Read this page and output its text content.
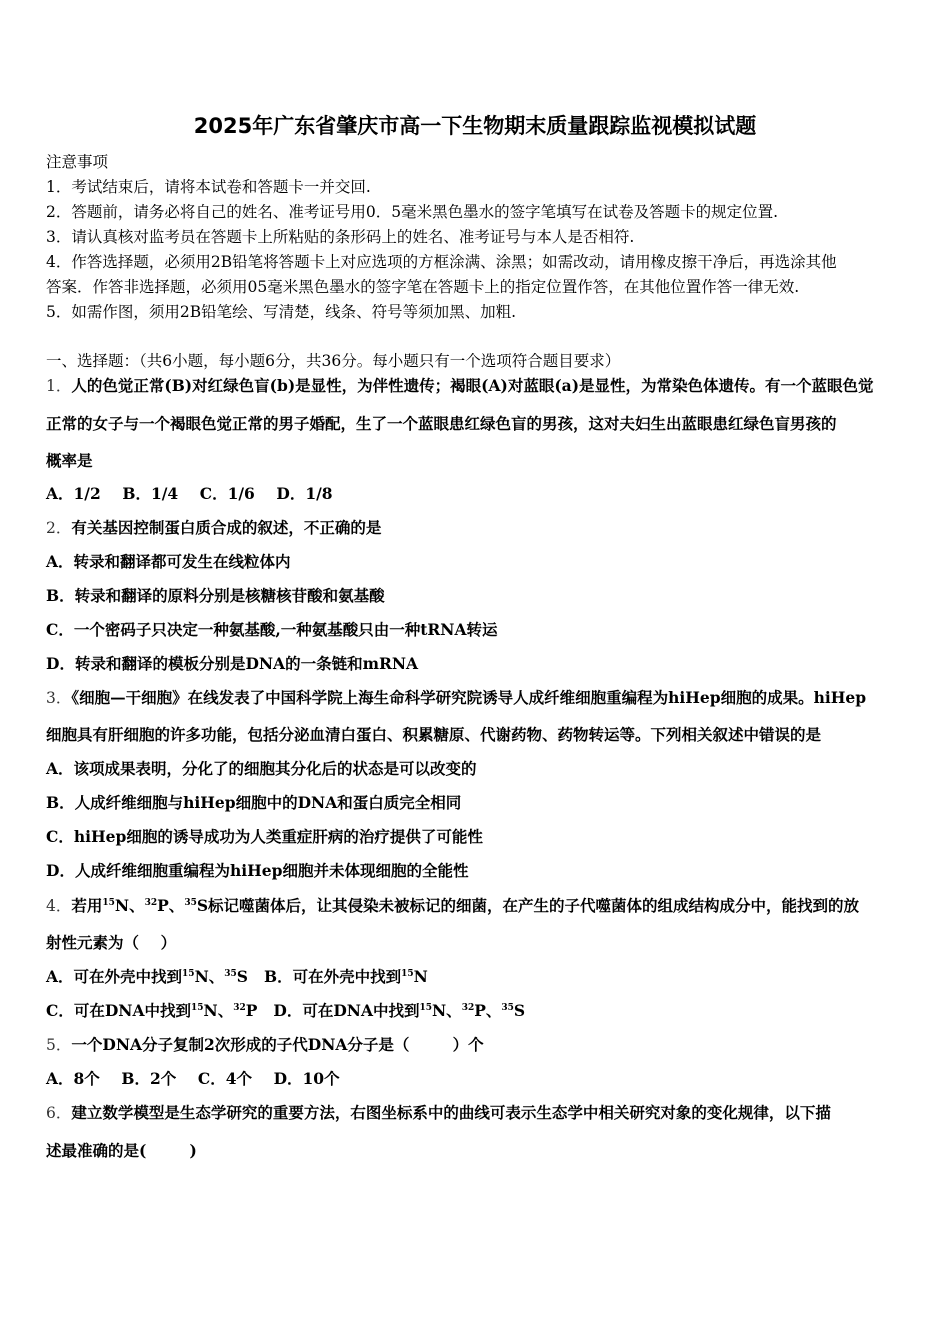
2025年广东省肇庆市高一下生物期末质量跟踪监视模拟试题
注意事项
1．考试结束后，请将本试卷和答题卡一并交回.
2．答题前，请务必将自己的姓名、准考证号用0．5毫米黑色墨水的签字笔填写在试卷及答题卡的规定位置.
3．请认真核对监考员在答题卡上所粘贴的条形码上的姓名、准考证号与本人是否相符.
4．作答选择题，必须用2B铅笔将答题卡上对应选项的方框涂满、涂黑；如需改动，请用橡皮擦干净后，再选涂其他
答案．作答非选择题，必须用05毫米黑色墨水的签字笔在答题卡上的指定位置作答，在其他位置作答一律无效.
5．如需作图，须用2B铅笔绘、写清楚，线条、符号等须加黑、加粗.
一、选择题：（共6小题，每小题6分，共36分。每小题只有一个选项符合题目要求）
1．人的色觉正常(B)对红绿色盲(b)是显性，为伴性遗传；褐眼(A)对蓝眼(a)是显性，为常染色体遗传。有一个蓝眼色觉
正常的女子与一个褐眼色觉正常的男子婚配，生了一个蓝眼患红绿色盲的男孩，这对夫妇生出蓝眼患红绿色盲男孩的
概率是
A．1/2    B．1/4    C．1/6    D．1/8
2．有关基因控制蛋白质合成的叙述，不正确的是
A．转录和翻译都可发生在线粒体内
B．转录和翻译的原料分别是核糖核苷酸和氨基酸
C．一个密码子只决定一种氨基酸,一种氨基酸只由一种tRNA转运
D．转录和翻译的模板分别是DNA的一条链和mRNA
3．《细胞—干细胞》在线发表了中国科学院上海生命科学研究院诱导人成纤维细胞重编程为hiHep细胞的成果。hiHep
细胞具有肝细胞的许多功能，包括分泌血清白蛋白、积累糖原、代谢药物、药物转运等。下列相关叙述中错误的是
A．该项成果表明，分化了的细胞其分化后的状态是可以改变的
B．人成纤维细胞与hiHep细胞中的DNA和蛋白质完全相同
C．hiHep细胞的诱导成功为人类重症肝病的治疗提供了可能性
D．人成纤维细胞重编程为hiHep细胞并未体现细胞的全能性
4．若用$^{15}$N、$^{32}$P、$^{35}$S标记噬菌体后，让其侵染未被标记的细菌，在产生的子代噬菌体的组成结构成分中，能找到的放
射性元素为（    ）
A．可在外壳中找到$^{15}$N、$^{35}$S B．可在外壳中找到$^{15}$N
C．可在DNA中找到$^{15}$N、$^{32}$P D．可在DNA中找到$^{15}$N、$^{32}$P、$^{35}$S
5．一个DNA分子复制2次形成的子代DNA分子是（        ）个
A．8个    B．2个    C．4个    D．10个
6．建立数学模型是生态学研究的重要方法，右图坐标系中的曲线可表示生态学中相关研究对象的变化规律，以下描
述最准确的是(        )
